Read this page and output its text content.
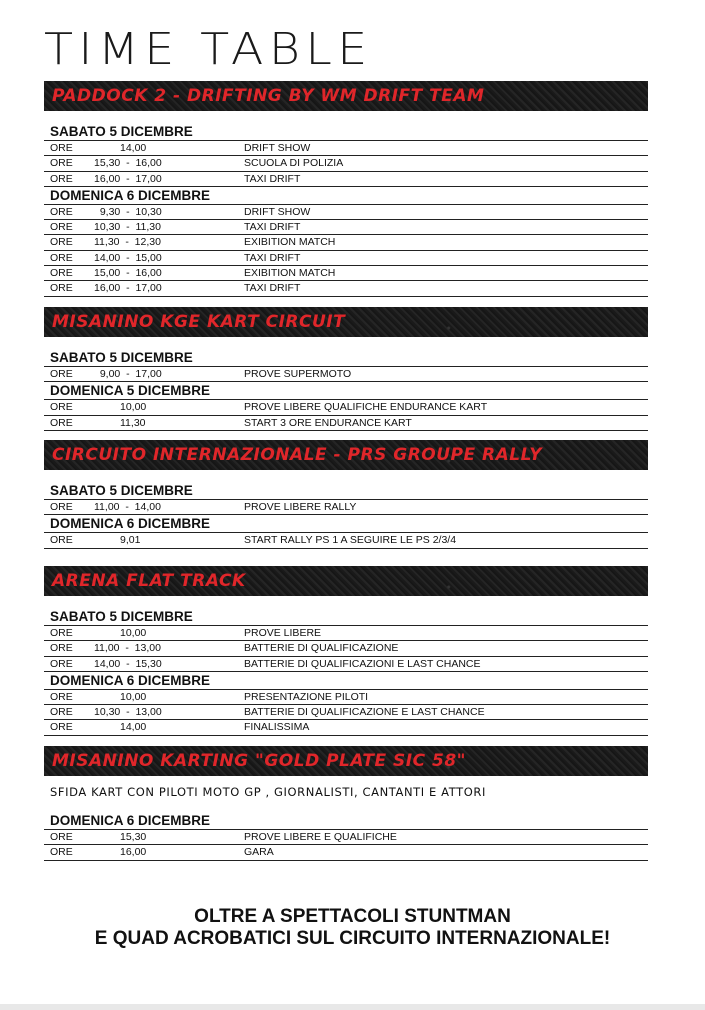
TIME TABLE
PADDOCK 2 - DRIFTING BY WM DRIFT TEAM
SABATO 5 DICEMBRE
ORE	14,00	DRIFT SHOW
ORE	15,30  -  16,00	SCUOLA DI POLIZIA
ORE	16,00  -  17,00	TAXI DRIFT
DOMENICA 6 DICEMBRE
ORE	9,30  -  10,30	DRIFT SHOW
ORE	10,30  -  11,30	TAXI DRIFT
ORE	11,30  -  12,30	EXIBITION MATCH
ORE	14,00  -  15,00	TAXI DRIFT
ORE	15,00  -  16,00	EXIBITION MATCH
ORE	16,00  -  17,00	TAXI DRIFT
MISANINO KGE KART CIRCUIT
SABATO 5 DICEMBRE
ORE	9,00  -  17,00	PROVE SUPERMOTO
DOMENICA 5 DICEMBRE
ORE	10,00	PROVE LIBERE QUALIFICHE ENDURANCE KART
ORE	11,30	START 3 ORE ENDURANCE KART
CIRCUITO INTERNAZIONALE - PRS GROUPE RALLY
SABATO 5 DICEMBRE
ORE	11,00  -  14,00	PROVE LIBERE RALLY
DOMENICA 6 DICEMBRE
ORE	9,01	START RALLY PS 1 A SEGUIRE LE PS 2/3/4
ARENA FLAT TRACK
SABATO 5 DICEMBRE
ORE	10,00	PROVE LIBERE
ORE	11,00  -  13,00	BATTERIE DI QUALIFICAZIONE
ORE	14,00  -  15,30	BATTERIE DI QUALIFICAZIONI E LAST CHANCE
DOMENICA 6 DICEMBRE
ORE	10,00	PRESENTAZIONE PILOTI
ORE	10,30  -  13,00	BATTERIE DI QUALIFICAZIONE E LAST CHANCE
ORE	14,00	FINALISSIMA
MISANINO KARTING "GOLD PLATE SIC 58"
SFIDA KART CON PILOTI MOTO GP , GIORNALISTI, CANTANTI E ATTORI
DOMENICA 6 DICEMBRE
ORE	15,30	PROVE LIBERE E QUALIFICHE
ORE	16,00	GARA
OLTRE A SPETTACOLI STUNTMAN
E QUAD ACROBATICI SUL CIRCUITO INTERNAZIONALE!
